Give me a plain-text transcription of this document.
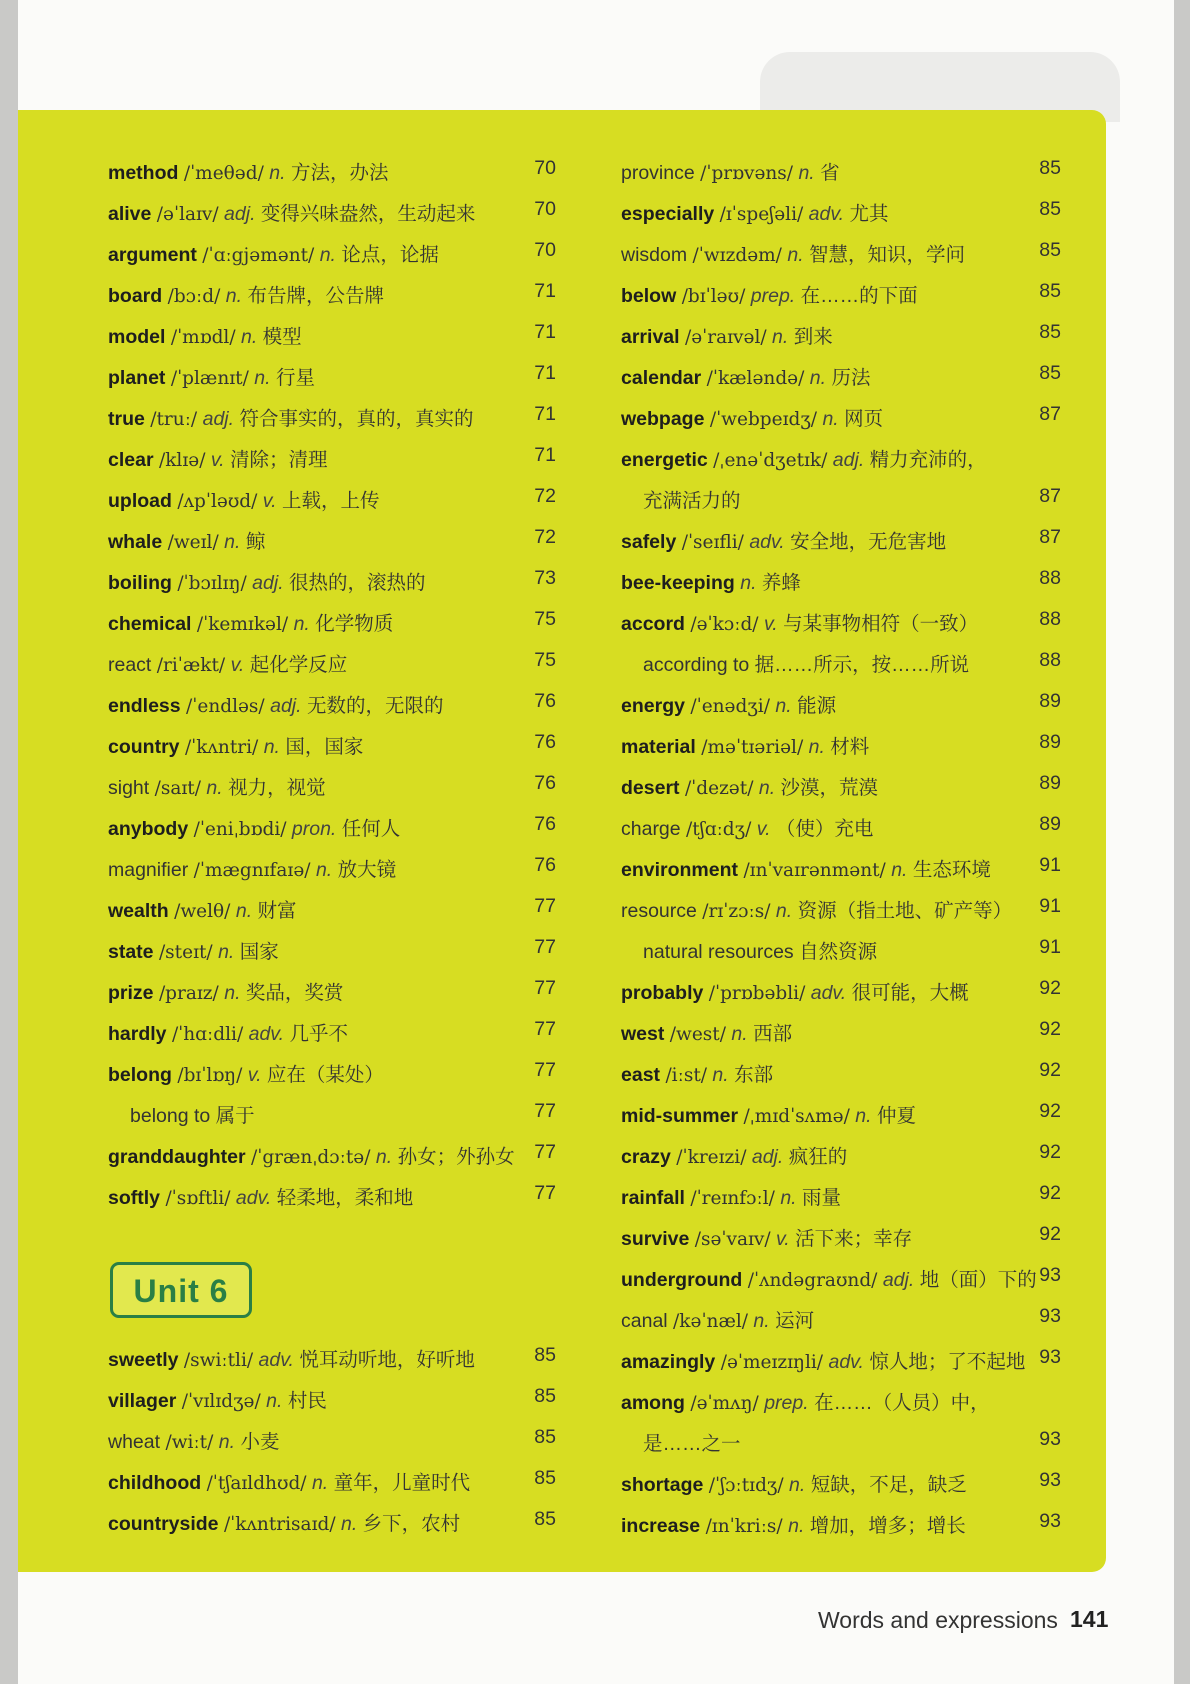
method /ˈmeθəd/ n. 方法，办法	70
alive /əˈlaɪv/ adj. 变得兴味盎然，生动起来	70
argument /ˈɑːgjəmənt/ n. 论点，论据	70
board /bɔːd/ n. 布告牌，公告牌	71
model /ˈmɒdl/ n. 模型	71
planet /ˈplænɪt/ n. 行星	71
true /truː/ adj. 符合事实的，真的，真实的	71
clear /klɪə/ v. 清除；清理	71
upload /ʌpˈləʊd/ v. 上载，上传	72
whale /weɪl/ n. 鲸	72
boiling /ˈbɔɪlɪŋ/ adj. 很热的，滚热的	73
chemical /ˈkemɪkəl/ n. 化学物质	75
react /riˈækt/ v. 起化学反应	75
endless /ˈendləs/ adj. 无数的，无限的	76
country /ˈkʌntri/ n. 国，国家	76
sight /saɪt/ n. 视力，视觉	76
anybody /ˈeniˌbɒdi/ pron. 任何人	76
magnifier /ˈmægnɪfaɪə/ n. 放大镜	76
wealth /welθ/ n. 财富	77
state /steɪt/ n. 国家	77
prize /praɪz/ n. 奖品，奖赏	77
hardly /ˈhɑːdli/ adv. 几乎不	77
belong /bɪˈlɒŋ/ v. 应在（某处）	77
belong to 属于	77
granddaughter /ˈgrænˌdɔːtə/ n. 孙女；外孙女 77
softly /ˈsɒftli/ adv. 轻柔地，柔和地	77
province /ˈprɒvəns/ n. 省	85
especially /ɪˈspeʃəli/ adv. 尤其	85
wisdom /ˈwɪzdəm/ n. 智慧，知识，学问	85
below /bɪˈləʊ/ prep. 在……的下面	85
arrival /əˈraɪvəl/ n. 到来	85
calendar /ˈkæləndə/ n. 历法	85
webpage /ˈwebpeɪdʒ/ n. 网页	87
energetic /ˌenəˈdʒetɪk/ adj. 精力充沛的，
充满活力的	87
safely /ˈseɪfli/ adv. 安全地，无危害地	87
bee-keeping n. 养蜂	88
accord /əˈkɔːd/ v. 与某事物相符（一致）	88
according to 据……所示，按……所说	88
energy /ˈenədʒi/ n. 能源	89
material /məˈtɪəriəl/ n. 材料	89
desert /ˈdezət/ n. 沙漠，荒漠	89
charge /tʃɑːdʒ/ v. （使）充电	89
environment /ɪnˈvaɪrənmənt/ n. 生态环境 91
resource /rɪˈzɔːs/ n. 资源（指土地、矿产等） 91
natural resources 自然资源	91
probably /ˈprɒbəbli/ adv. 很可能，大概	92
west /west/ n. 西部	92
east /iːst/ n. 东部	92
mid-summer /ˌmɪdˈsʌmə/ n. 仲夏	92
crazy /ˈkreɪzi/ adj. 疯狂的	92
rainfall /ˈreɪnfɔːl/ n. 雨量	92
survive /səˈvaɪv/ v. 活下来；幸存	92
underground /ˈʌndəgraʊnd/ adj. 地（面）下的 93
canal /kəˈnæl/ n. 运河	93
amazingly /əˈmeɪzɪŋli/ adv. 惊人地；了不起地 93
among /əˈmʌŋ/ prep. 在……（人员）中，
是……之一	93
shortage /ˈʃɔːtɪdʒ/ n. 短缺，不足，缺乏	93
increase /ɪnˈkriːs/ n. 增加，增多；增长	93
Unit 6
sweetly /swiːtli/ adv. 悦耳动听地，好听地	85
villager /ˈvɪlɪdʒə/ n. 村民	85
wheat /wiːt/ n. 小麦	85
childhood /ˈtʃaɪldhʊd/ n. 童年，儿童时代	85
countryside /ˈkʌntrisaɪd/ n. 乡下，农村	85
Words and expressions 141
